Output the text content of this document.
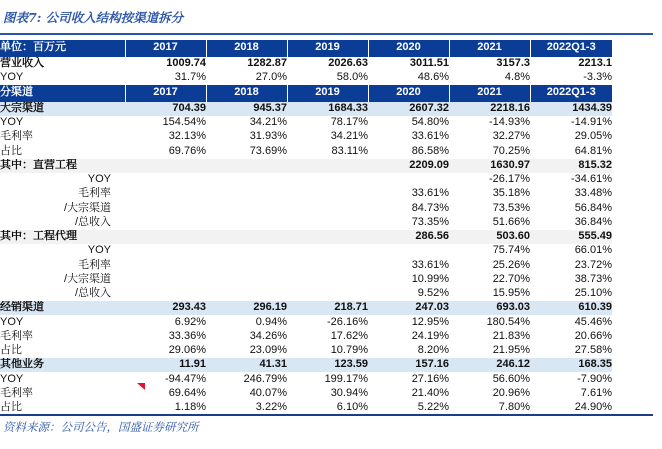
图表7: 公司收入结构按渠道拆分
单位：百万元	2017	2018	2019	2020	2021	2022Q1-3
营业收入	1009.74	1282.87	2026.63	3011.51	3157.3	2213.1
YOY	31.7%	27.0%	58.0%	48.6%	4.8%	-3.3%
分渠道	2017	2018	2019	2020	2021	2022Q1-3
大宗渠道	704.39	945.37	1684.33	2607.32	2218.16	1434.39
YOY	154.54%	34.21%	78.17%	54.80%	-14.93%	-14.91%
毛利率	32.13%	31.93%	34.21%	33.61%	32.27%	29.05%
占比	69.76%	73.69%	83.11%	86.58%	70.25%	64.81%
其中：直营工程				2209.09	1630.97	815.32
YOY					-26.17%	-34.61%
毛利率				33.61%	35.18%	33.48%
/大宗渠道				84.73%	73.53%	56.84%
/总收入				73.35%	51.66%	36.84%
其中：工程代理				286.56	503.60	555.49
YOY					75.74%	66.01%
毛利率				33.61%	25.26%	23.72%
/大宗渠道				10.99%	22.70%	38.73%
/总收入				9.52%	15.95%	25.10%
经销渠道	293.43	296.19	218.71	247.03	693.03	610.39
YOY	6.92%	0.94%	-26.16%	12.95%	180.54%	45.46%
毛利率	33.36%	34.26%	17.62%	24.19%	21.83%	20.66%
占比	29.06%	23.09%	10.79%	8.20%	21.95%	27.58%
其他业务	11.91	41.31	123.59	157.16	246.12	168.35
YOY	-94.47%	246.79%	199.17%	27.16%	56.60%	-7.90%
毛利率	69.64%	40.07%	30.94%	21.40%	20.96%	7.61%
占比	1.18%	3.22%	6.10%	5.22%	7.80%	24.90%
资料来源：公司公告，国盛证券研究所
